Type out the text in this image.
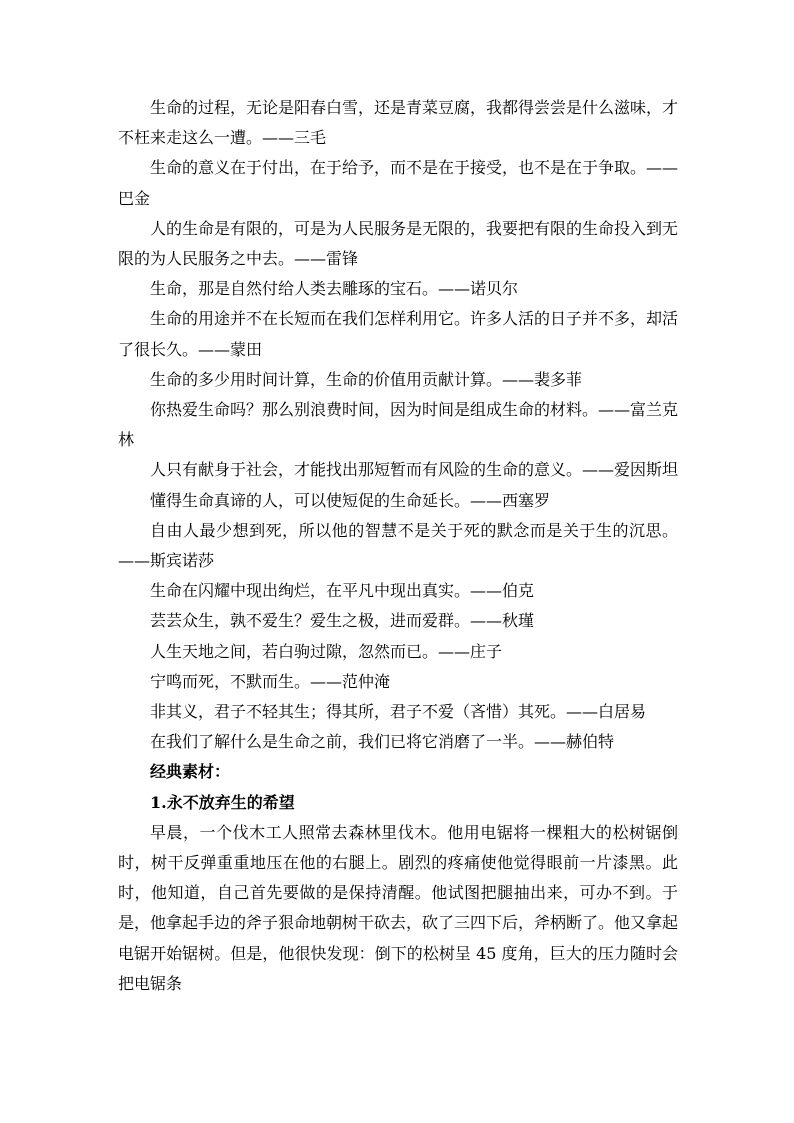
生命的过程，无论是阳春白雪，还是青菜豆腐，我都得尝尝是什么滋味，才不枉来走这么一遭。——三毛

生命的意义在于付出，在于给予，而不是在于接受，也不是在于争取。——巴金

人的生命是有限的，可是为人民服务是无限的，我要把有限的生命投入到无限的为人民服务之中去。——雷锋

生命，那是自然付给人类去雕琢的宝石。——诺贝尔

生命的用途并不在长短而在我们怎样利用它。许多人活的日子并不多，却活了很长久。——蒙田

生命的多少用时间计算，生命的价值用贡献计算。——裴多菲

你热爱生命吗？那么别浪费时间，因为时间是组成生命的材料。——富兰克林

人只有献身于社会，才能找出那短暂而有风险的生命的意义。——爱因斯坦

懂得生命真谛的人，可以使短促的生命延长。——西塞罗

自由人最少想到死，所以他的智慧不是关于死的默念而是关于生的沉思。——斯宾诺莎

生命在闪耀中现出绚烂，在平凡中现出真实。——伯克

芸芸众生，孰不爱生？爱生之极，进而爱群。——秋瑾

人生天地之间，若白驹过隙，忽然而已。——庄子

宁鸣而死，不默而生。——范仲淹

非其义，君子不轻其生；得其所，君子不爱（吝惜）其死。——白居易

在我们了解什么是生命之前，我们已将它消磨了一半。——赫伯特

经典素材：

1.永不放弃生的希望

早晨，一个伐木工人照常去森林里伐木。他用电锯将一棵粗大的松树锯倒时，树干反弹重重地压在他的右腿上。剧烈的疼痛使他觉得眼前一片漆黑。此时，他知道，自己首先要做的是保持清醒。他试图把腿抽出来，可办不到。于是，他拿起手边的斧子狠命地朝树干砍去，砍了三四下后，斧柄断了。他又拿起电锯开始锯树。但是，他很快发现：倒下的松树呈 45 度角，巨大的压力随时会把电锯条
